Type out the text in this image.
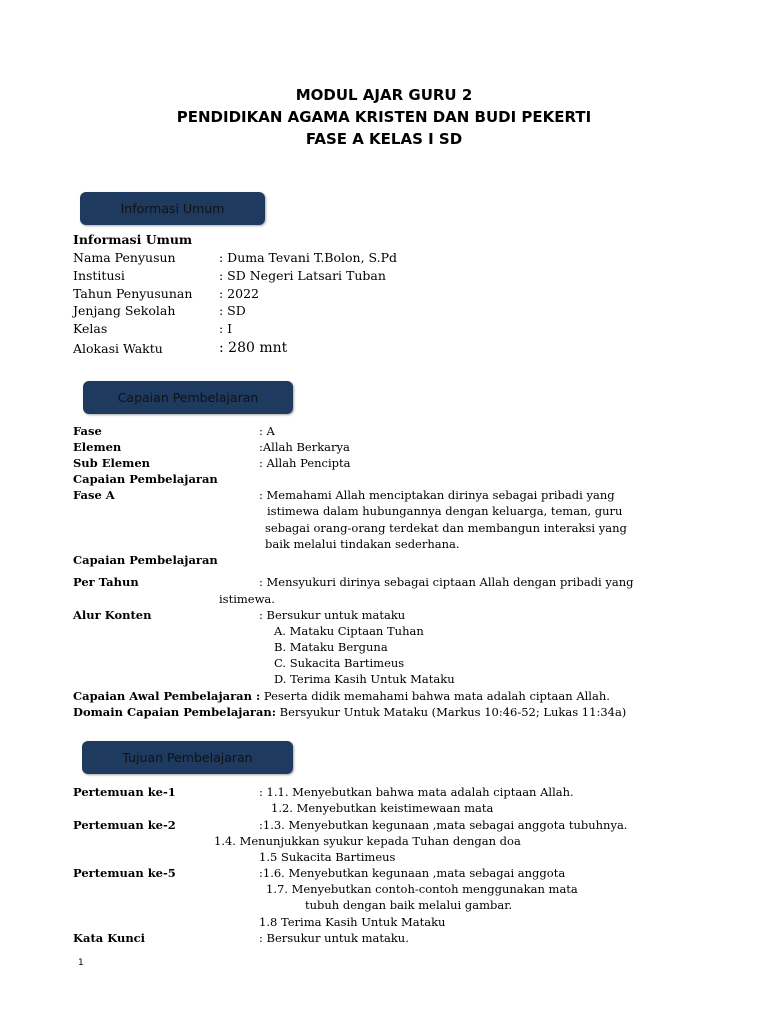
MODUL AJAR GURU 2
PENDIDIKAN AGAMA KRISTEN DAN BUDI PEKERTI
FASE A KELAS I SD
Informasi Umum
Informasi Umum
Nama Penyusun	: Duma Tevani T.Bolon, S.Pd
Institusi	: SD Negeri Latsari Tuban
Tahun Penyusunan : 2022
Jenjang Sekolah	: SD
Kelas	: I
Alokasi Waktu	: 280 mnt
Capaian Pembelajaran
Fase	: A
Elemen	:Allah Berkarya
Sub Elemen	: Allah Pencipta
Capaian Pembelajaran
Fase A	: Memahami Allah menciptakan dirinya sebagai pribadi yang
istimewa dalam hubungannya dengan keluarga, teman, guru
sebagai orang-orang terdekat dan membangun interaksi yang
baik melalui tindakan sederhana.
Capaian Pembelajaran
Per Tahun	: Mensyukuri dirinya sebagai ciptaan Allah dengan pribadi yang
istimewa.
Alur Konten	: Bersukur untuk mataku
A. Mataku Ciptaan Tuhan
B. Mataku Berguna
C. Sukacita Bartimeus
D. Terima Kasih Untuk Mataku
Capaian Awal Pembelajaran : Peserta didik memahami bahwa mata adalah ciptaan Allah.
Domain Capaian Pembelajaran: Bersyukur Untuk Mataku (Markus 10:46-52; Lukas 11:34a)
Tujuan Pembelajaran
Pertemuan ke-1	: 1.1. Menyebutkan bahwa mata adalah ciptaan Allah.
1.2. Menyebutkan keistimewaan mata
Pertemuan ke-2	:1.3. Menyebutkan kegunaan ,mata sebagai anggota tubuhnya.
1.4. Menunjukkan syukur kepada Tuhan dengan doa
1.5 Sukacita Bartimeus
Pertemuan ke-5	:1.6. Menyebutkan kegunaan ,mata sebagai anggota
1.7. Menyebutkan contoh-contoh menggunakan mata
tubuh dengan baik melalui gambar.
1.8 Terima Kasih Untuk Mataku
Kata Kunci	: Bersukur untuk mataku.
1
